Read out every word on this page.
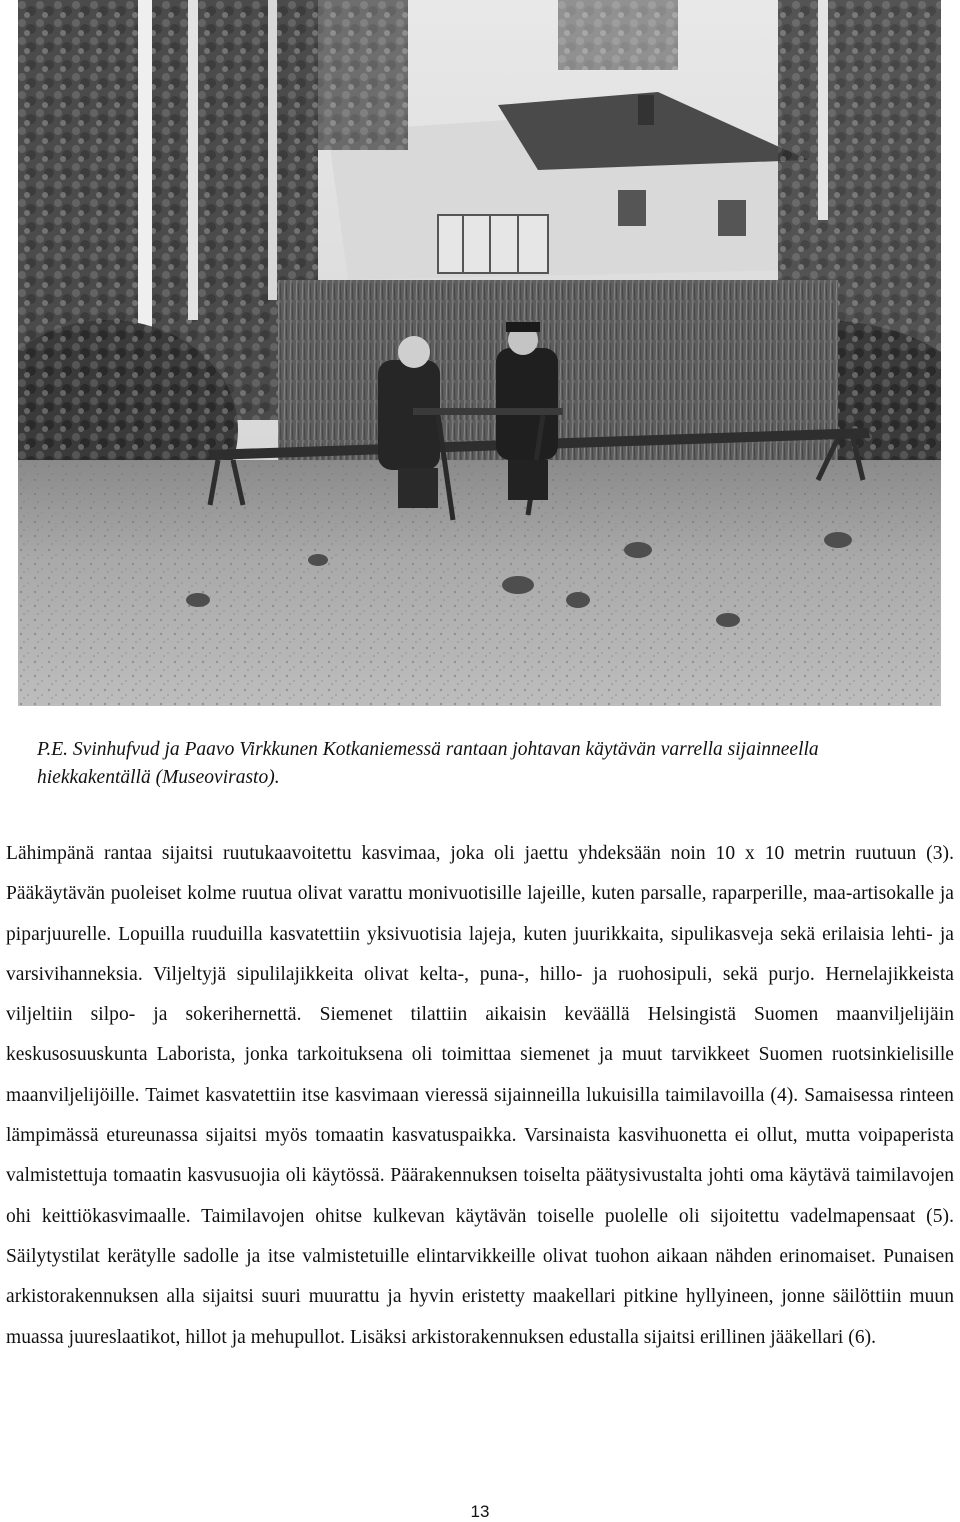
P.E. Svinhufvud ja Paavo Virkkunen Kotkaniemessä rantaan johtavan käytävän varrella sijainneella hiekkakentällä (Museovirasto).

Lähimpänä rantaa sijaitsi ruutukaavoitettu kasvimaa, joka oli jaettu yhdeksään noin 10 x 10 metrin ruutuun (3). Pääkäytävän puoleiset kolme ruutua olivat varattu monivuotisille lajeille, kuten parsalle, raparperille, maa-artisokalle ja piparjuurelle. Lopuilla ruuduilla kasvatettiin yksivuotisia lajeja, kuten juurikkaita, sipulikasveja sekä erilaisia lehti- ja varsivihanneksia. Viljeltyjä sipulilajikkeita olivat kelta-, puna-, hillo- ja ruohosipuli, sekä purjo. Hernelajikkeista viljeltiin silpo- ja sokerihernettä. Siemenet tilattiin aikaisin keväällä Helsingistä Suomen maanviljelijäin keskusosuuskunta Laborista, jonka tarkoituksena oli toimittaa siemenet ja muut tarvikkeet Suomen ruotsinkielisille maanviljelijöille. Taimet kasvatettiin itse kasvimaan vieressä sijainneilla lukuisilla taimilavoilla (4). Samaisessa rinteen lämpimässä etureunassa sijaitsi myös tomaatin kasvatuspaikka. Varsinaista kasvihuonetta ei ollut, mutta voipaperista valmistettuja tomaatin kasvusuojia oli käytössä. Päärakennuksen toiselta päätysivustalta johti oma käytävä taimilavojen ohi keittiökasvimaalle. Taimilavojen ohitse kulkevan käytävän toiselle puolelle oli sijoitettu vadelmapensaat (5). Säilytystilat kerätylle sadolle ja itse valmistetuille elintarvikkeille olivat tuohon aikaan nähden erinomaiset. Punaisen arkistorakennuksen alla sijaitsi suuri muurattu ja hyvin eristetty maakellari pitkine hyllyineen, jonne säilöttiin muun muassa juureslaatikot, hillot ja mehupullot. Lisäksi arkistorakennuksen edustalla sijaitsi erillinen jääkellari (6).

13
